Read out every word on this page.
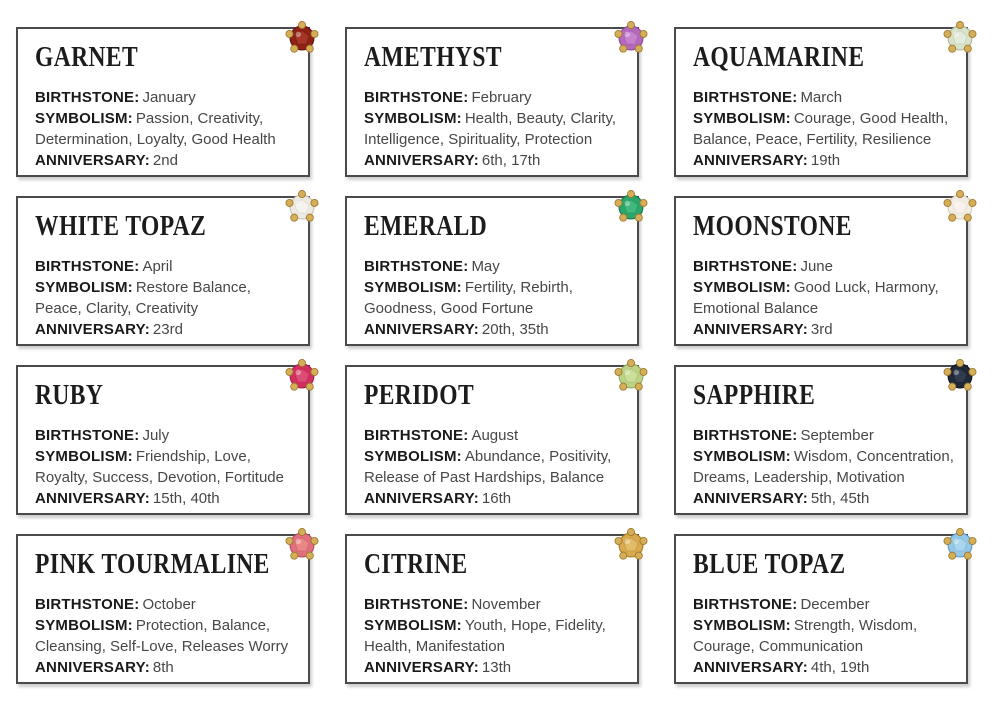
GARNET

BIRTHSTONE: January

SYMBOLISM: Passion, Creativity, Determination, Loyalty, Good Health

ANNIVERSARY: 2nd

AMETHYST

BIRTHSTONE: February

SYMBOLISM: Health, Beauty, Clarity, Intelligence, Spirituality, Protection

ANNIVERSARY: 6th, 17th

AQUAMARINE

BIRTHSTONE: March

SYMBOLISM: Courage, Good Health, Balance, Peace, Fertility, Resilience

ANNIVERSARY: 19th

WHITE TOPAZ

BIRTHSTONE: April

SYMBOLISM: Restore Balance, Peace, Clarity, Creativity

ANNIVERSARY: 23rd

EMERALD

BIRTHSTONE: May

SYMBOLISM: Fertility, Rebirth, Goodness, Good Fortune

ANNIVERSARY: 20th, 35th

MOONSTONE

BIRTHSTONE: June

SYMBOLISM: Good Luck, Harmony, Emotional Balance

ANNIVERSARY: 3rd

RUBY

BIRTHSTONE: July

SYMBOLISM: Friendship, Love, Royalty, Success, Devotion, Fortitude

ANNIVERSARY: 15th, 40th

PERIDOT

BIRTHSTONE: August

SYMBOLISM: Abundance, Positivity, Release of Past Hardships, Balance

ANNIVERSARY: 16th

SAPPHIRE

BIRTHSTONE: September

SYMBOLISM: Wisdom, Concentration, Dreams, Leadership, Motivation

ANNIVERSARY: 5th, 45th

PINK TOURMALINE

BIRTHSTONE: October

SYMBOLISM: Protection, Balance, Cleansing, Self-Love, Releases Worry

ANNIVERSARY: 8th

CITRINE

BIRTHSTONE: November

SYMBOLISM: Youth, Hope, Fidelity, Health, Manifestation

ANNIVERSARY: 13th

BLUE TOPAZ

BIRTHSTONE: December

SYMBOLISM: Strength, Wisdom, Courage, Communication

ANNIVERSARY: 4th, 19th
